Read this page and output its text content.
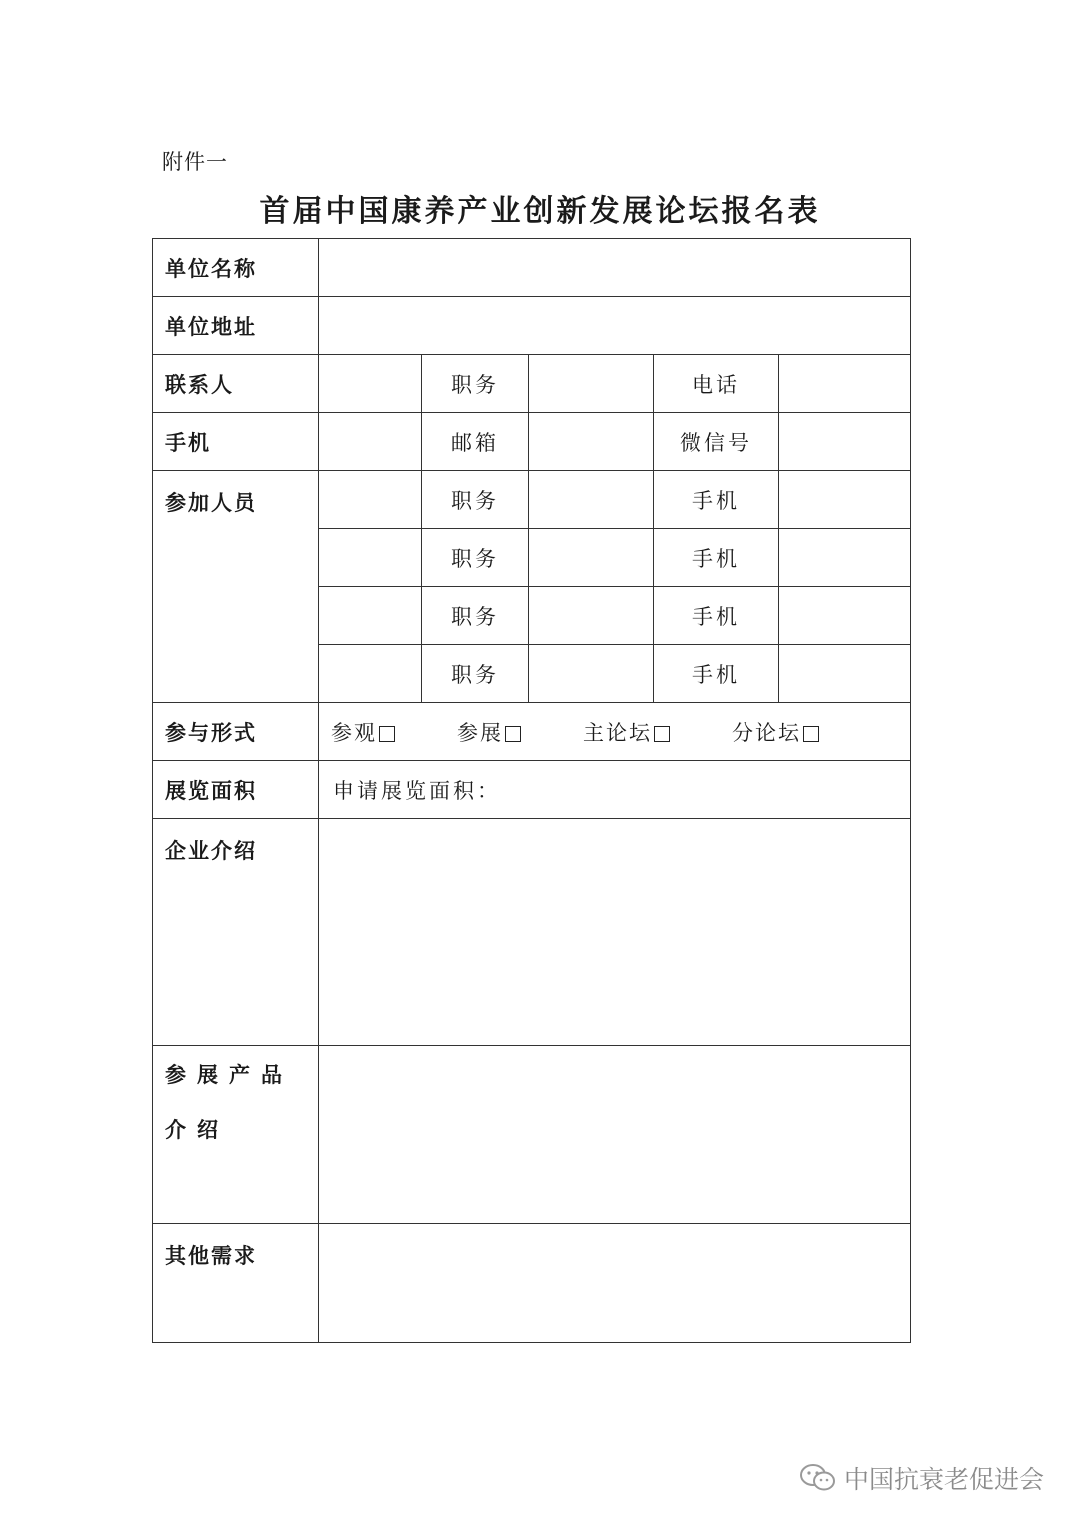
附件一
首届中国康养产业创新发展论坛报名表
单位名称					
单位地址					
联系人		职务		电话	
手机		邮箱		微信号	
参加人员		职务		手机	
		职务		手机	
		职务		手机	
		职务		手机	
参与形式	参观 参展 主论坛 分论坛				

展览面积	申请展览面积：				
企业介绍					
参展产品介绍					
其他需求					
中国抗衰老促进会
